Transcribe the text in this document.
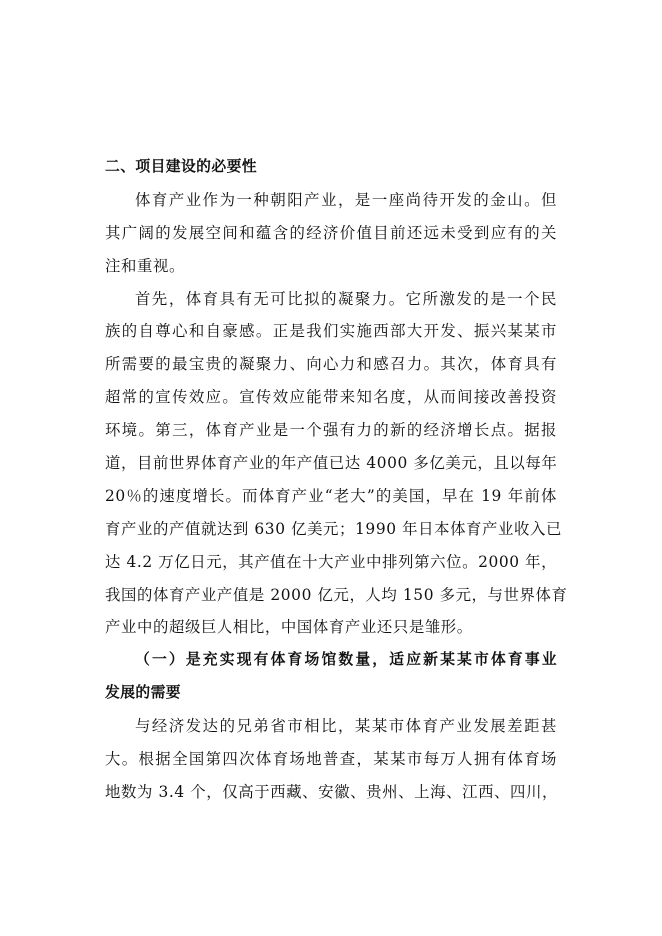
二、项目建设的必要性
体育产业作为一种朝阳产业，是一座尚待开发的金山。但
其广阔的发展空间和蕴含的经济价值目前还远未受到应有的关
注和重视。
首先，体育具有无可比拟的凝聚力。它所激发的是一个民
族的自尊心和自豪感。正是我们实施西部大开发、振兴某某市
所需要的最宝贵的凝聚力、向心力和感召力。其次，体育具有
超常的宣传效应。宣传效应能带来知名度，从而间接改善投资
环境。第三，体育产业是一个强有力的新的经济增长点。据报
道，目前世界体育产业的年产值已达 4000 多亿美元，且以每年
20％的速度增长。而体育产业“老大”的美国，早在 19 年前体
育产业的产值就达到 630 亿美元；1990 年日本体育产业收入已
达 4.2 万亿日元，其产值在十大产业中排列第六位。2000 年，
我国的体育产业产值是 2000 亿元，人均 150 多元，与世界体育
产业中的超级巨人相比，中国体育产业还只是雏形。
（一）是充实现有体育场馆数量，适应新某某市体育事业
发展的需要
与经济发达的兄弟省市相比，某某市体育产业发展差距甚
大。根据全国第四次体育场地普查，某某市每万人拥有体育场
地数为 3.4 个，仅高于西藏、安徽、贵州、上海、江西、四川，
